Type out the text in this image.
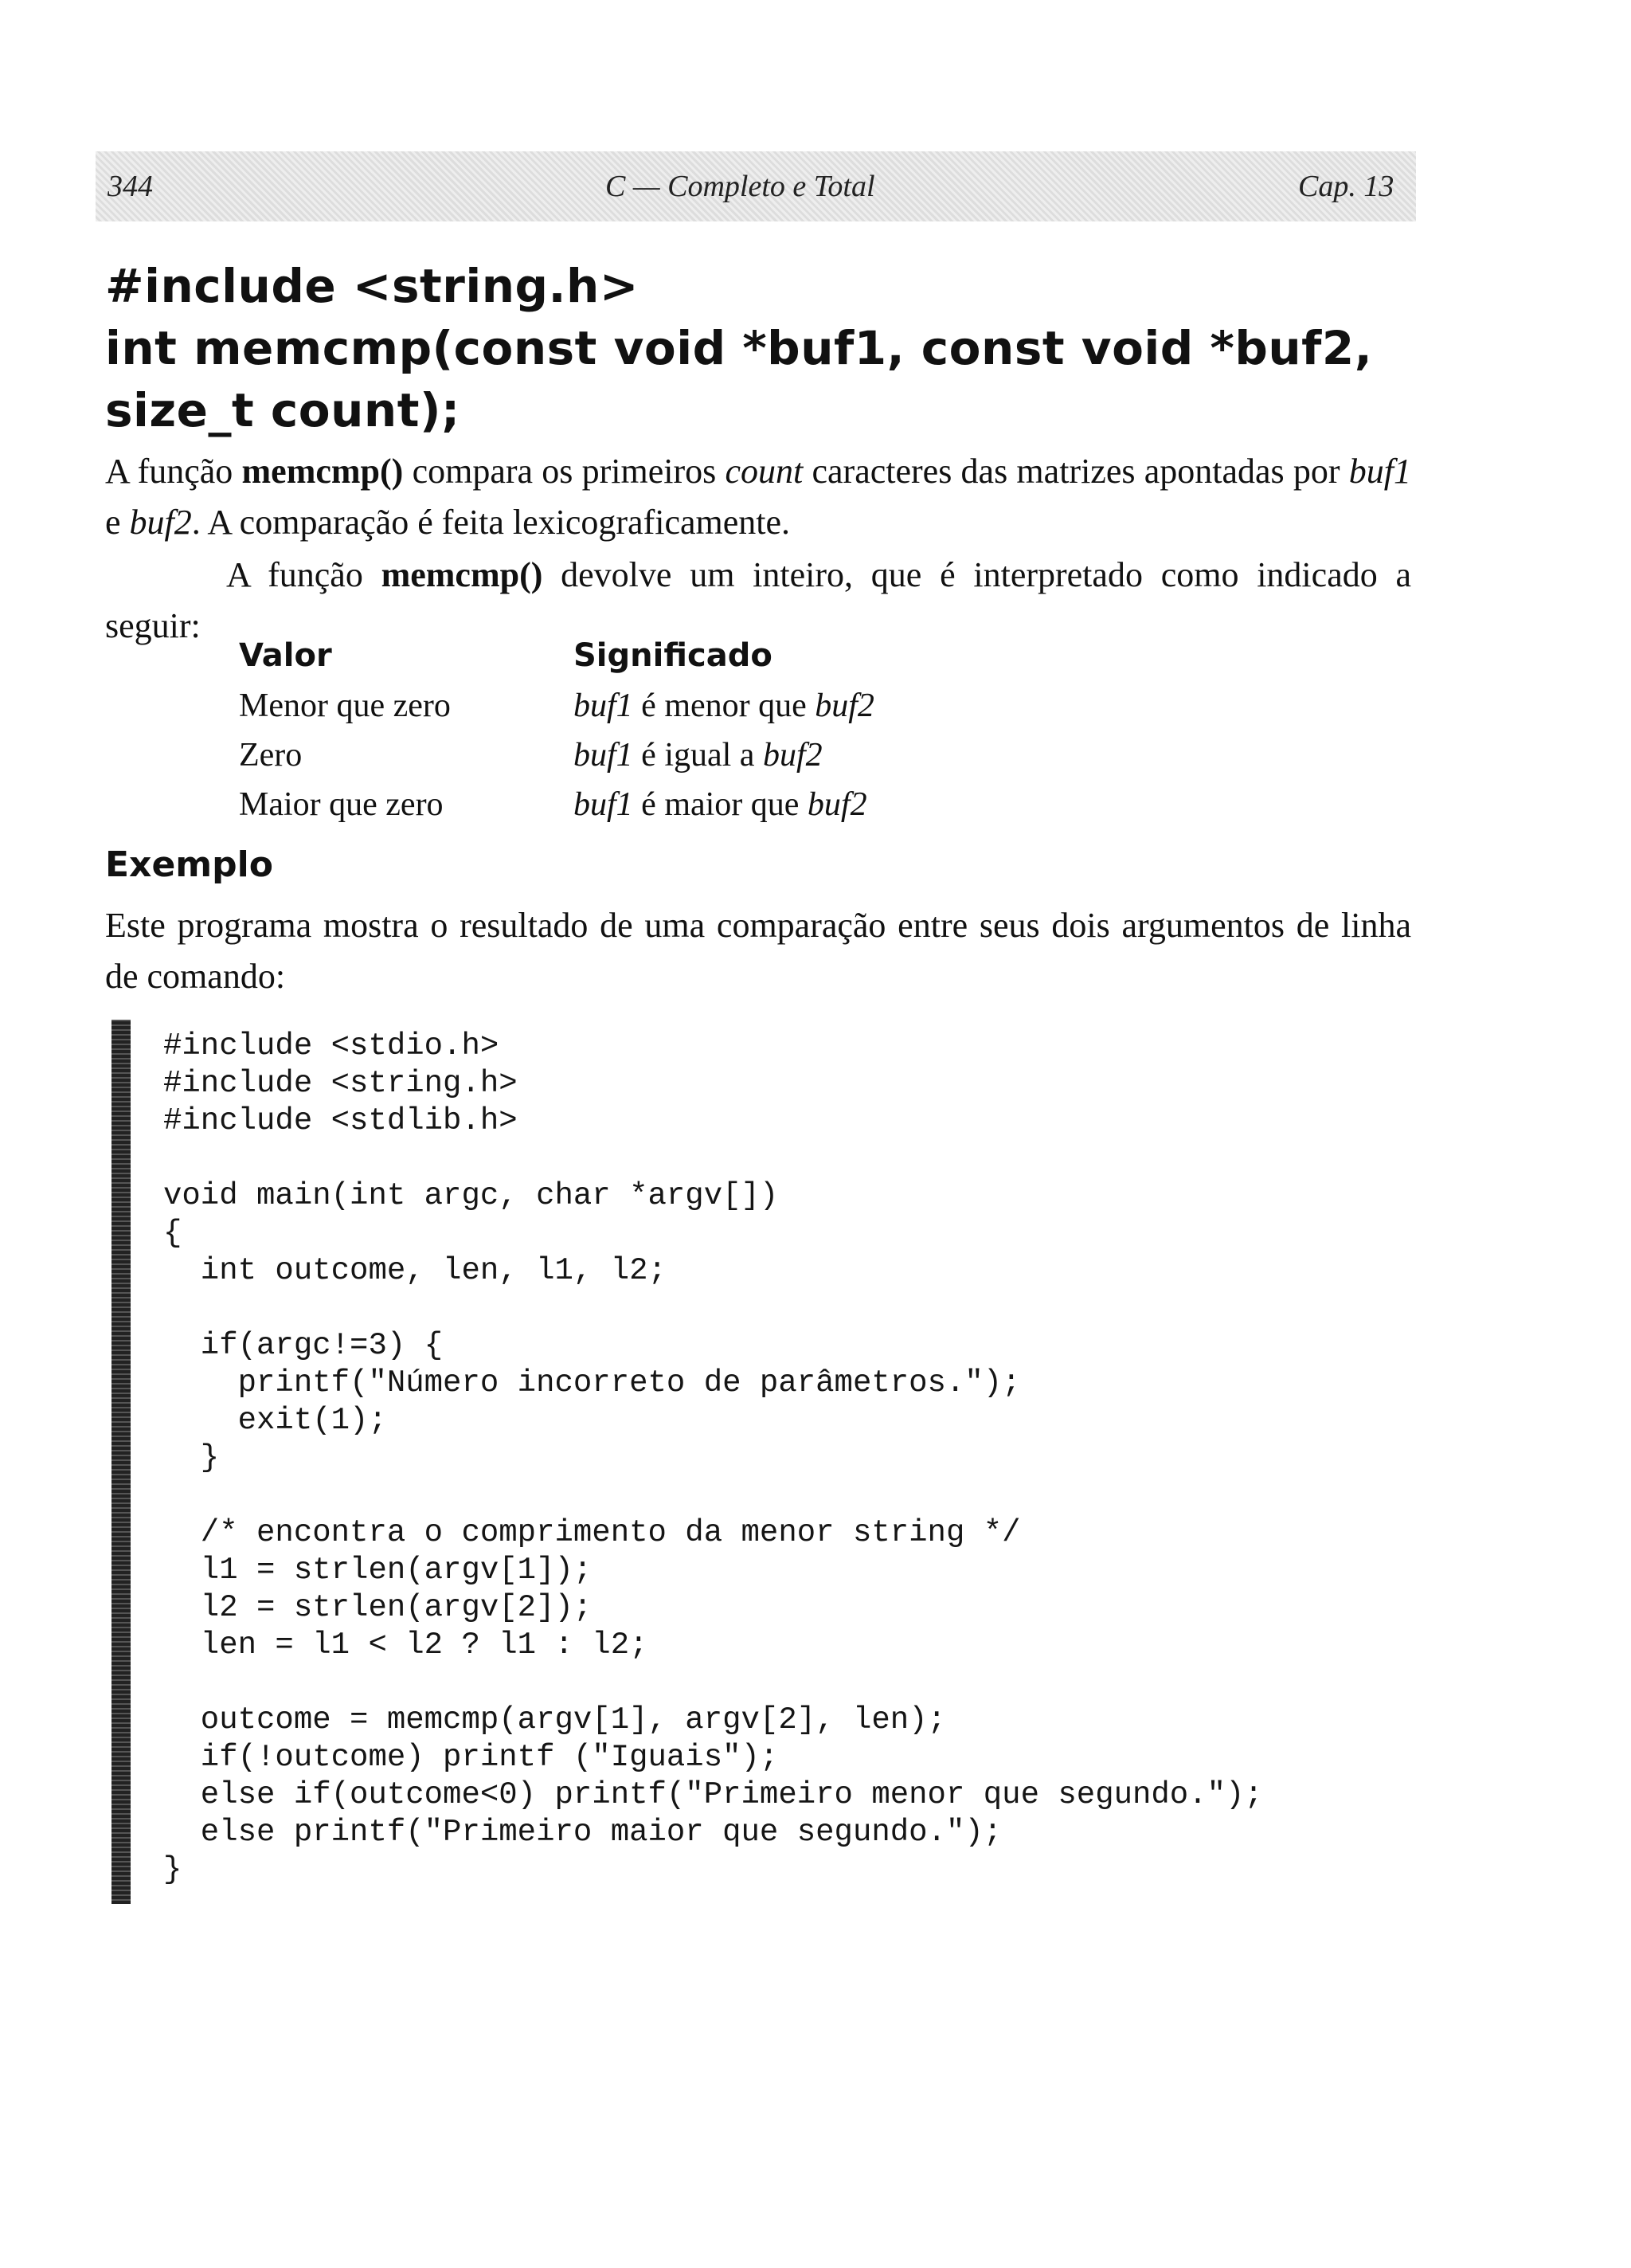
344	C — Completo e Total	Cap. 13
#include <string.h>
int memcmp(const void *buf1, const void *buf2,
size_t count);

A função memcmp() compara os primeiros count caracteres das matrizes apontadas por buf1 e buf2. A comparação é feita lexicograficamente.

A função memcmp() devolve um inteiro, que é interpretado como indicado a seguir:

Valor	Significado
Menor que zero	buf1 é menor que buf2
Zero	buf1 é igual a buf2
Maior que zero	buf1 é maior que buf2
Exemplo

Este programa mostra o resultado de uma comparação entre seus dois argumentos de linha de comando:

#include <stdio.h>
#include <string.h>
#include <stdlib.h>

void main(int argc, char *argv[])
{
int outcome, len, l1, l2;

if(argc!=3) {
printf("Número incorreto de parâmetros.");
exit(1);
}

/* encontra o comprimento da menor string */
l1 = strlen(argv[1]);
l2 = strlen(argv[2]);
len = l1 < l2 ? l1 : l2;

outcome = memcmp(argv[1], argv[2], len);
if(!outcome) printf ("Iguais");
else if(outcome<0) printf("Primeiro menor que segundo.");
else printf("Primeiro maior que segundo.");
}
